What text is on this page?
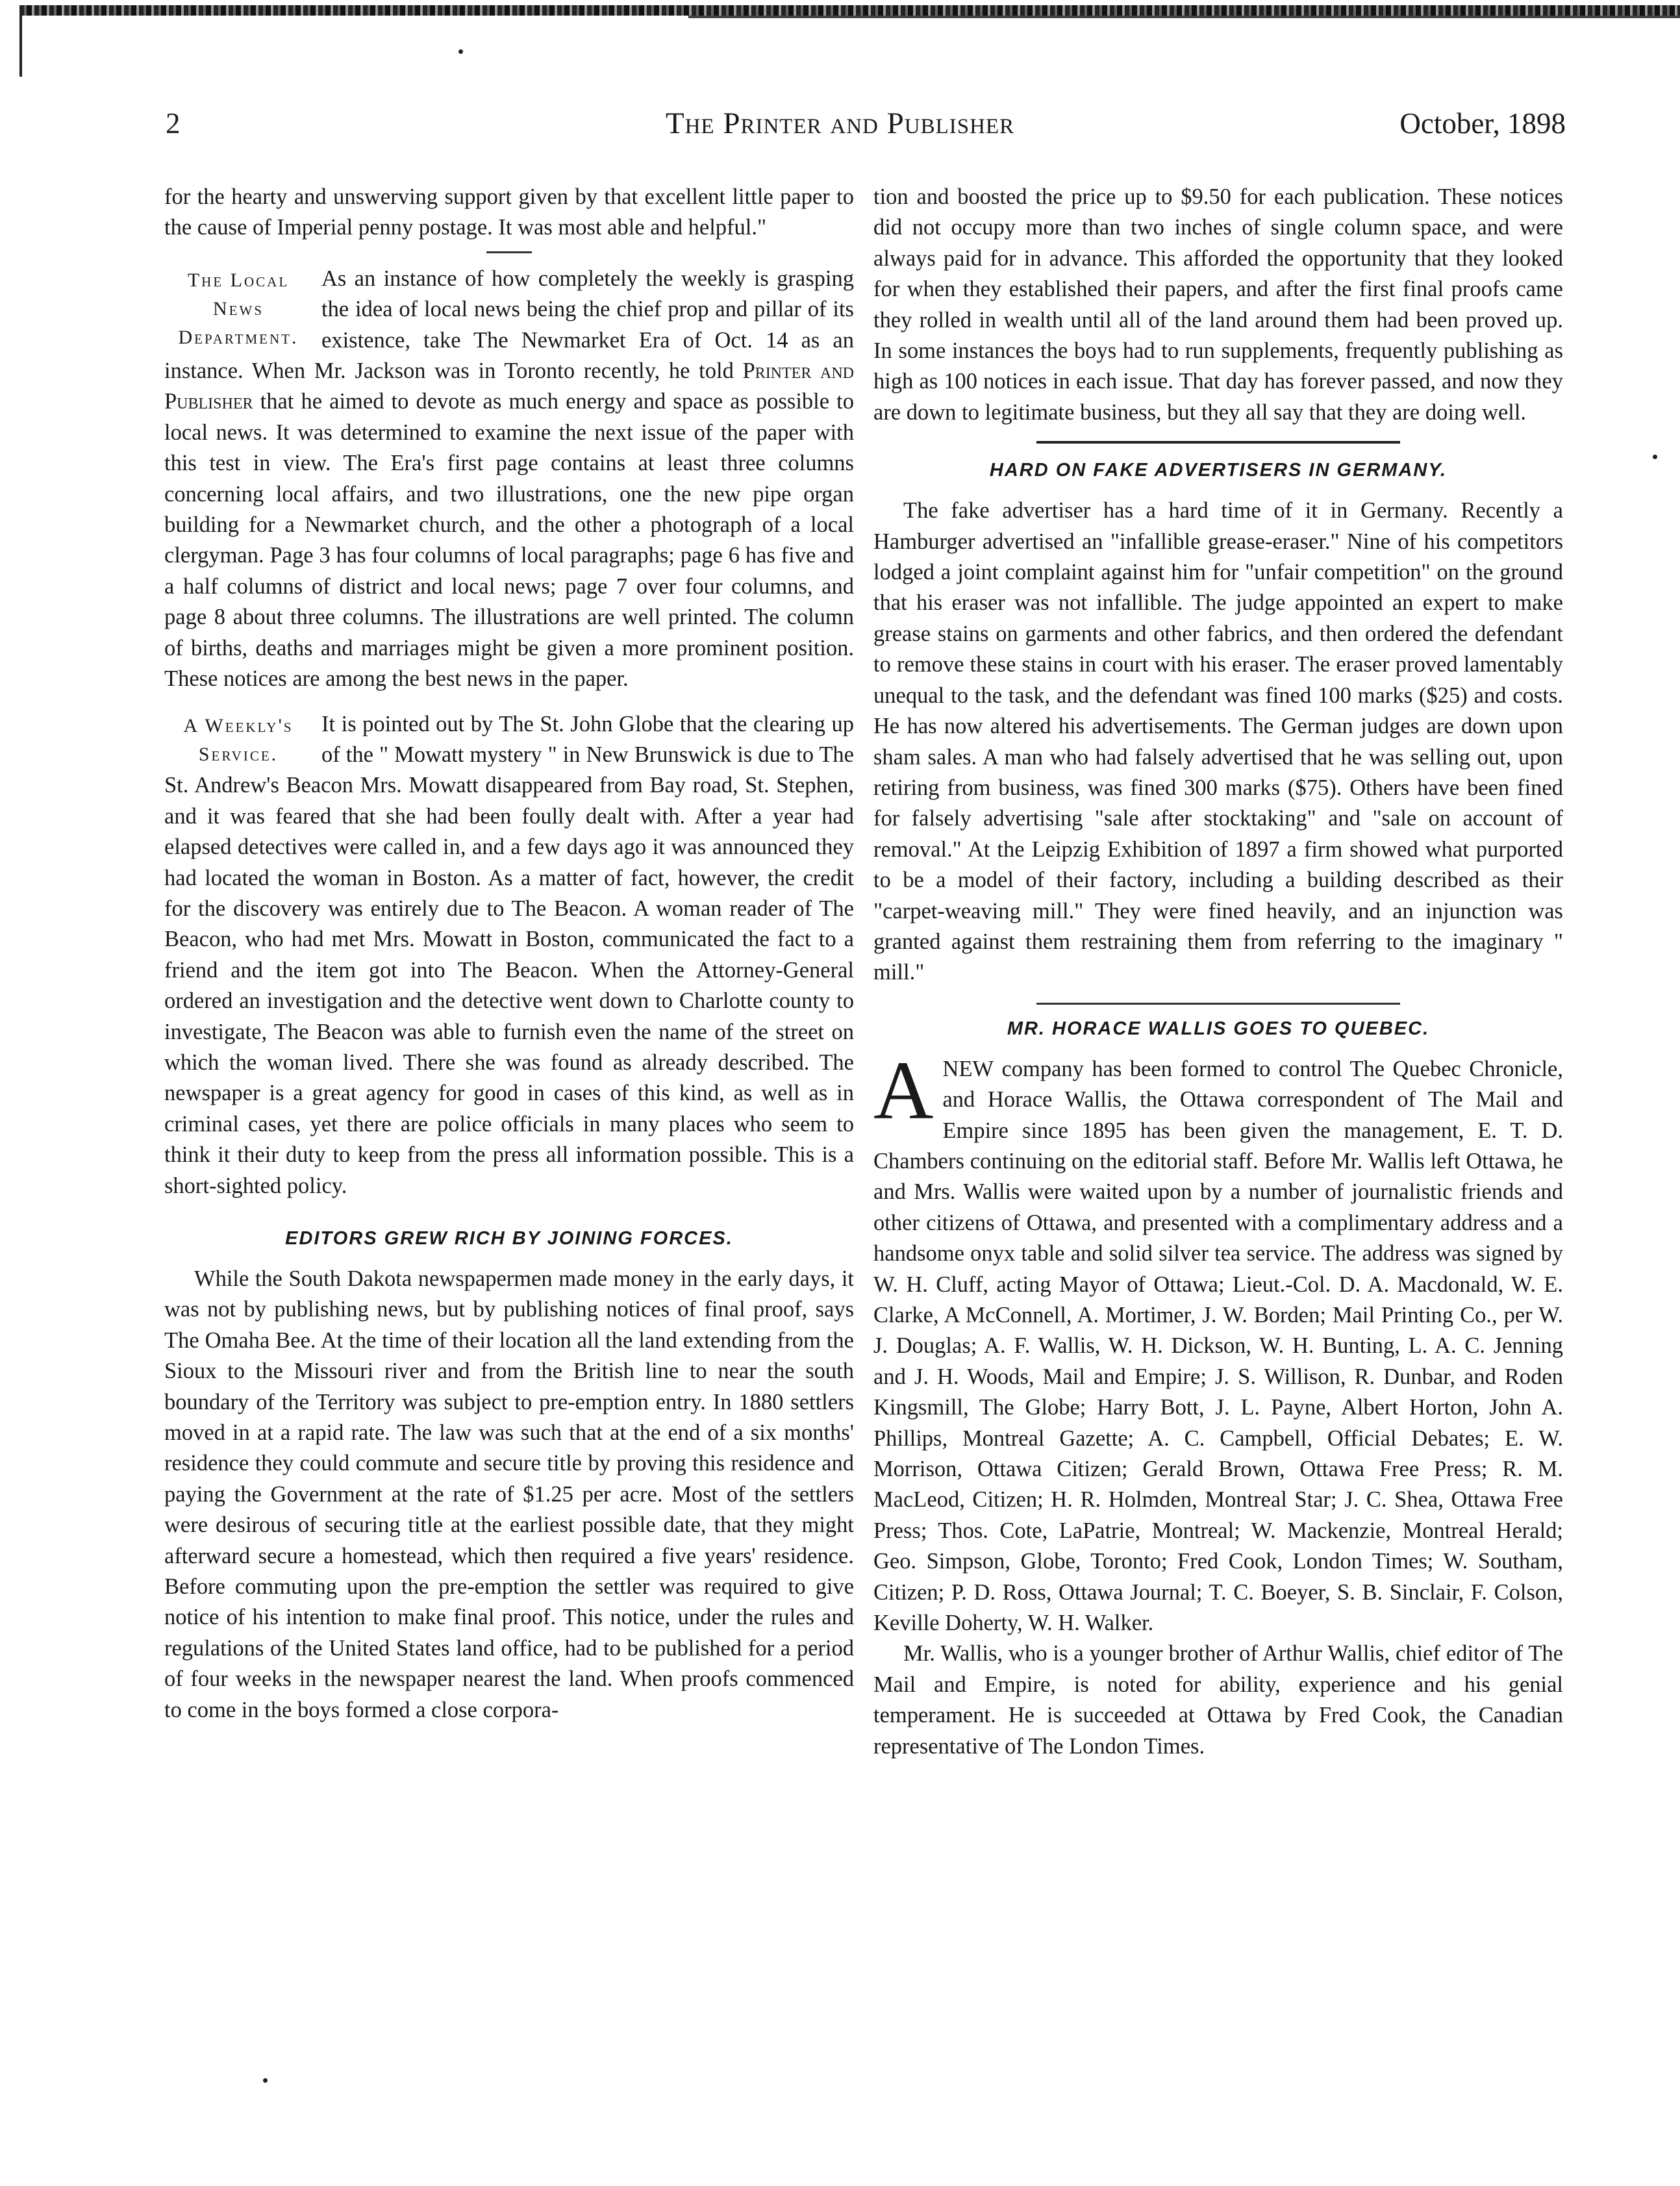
2	The Printer and Publisher	October, 1898

for the hearty and unswerving support given by that excellent little paper to the cause of Imperial penny postage. It was most able and helpful."

The Local News Department.

As an instance of how completely the weekly is grasping the idea of local news being the chief prop and pillar of its existence, take The Newmarket Era of Oct. 14 as an instance. When Mr. Jackson was in Toronto recently, he told Printer and Publisher that he aimed to devote as much energy and space as possible to local news. It was determined to examine the next issue of the paper with this test in view. The Era's first page contains at least three columns concerning local affairs, and two illustrations, one the new pipe organ building for a Newmarket church, and the other a photograph of a local clergyman. Page 3 has four columns of local paragraphs; page 6 has five and a half columns of district and local news; page 7 over four columns, and page 8 about three columns. The illustrations are well printed. The column of births, deaths and marriages might be given a more prominent position. These notices are among the best news in the paper.

A Weekly's Service.

It is pointed out by The St. John Globe that the clearing up of the " Mowatt mystery " in New Brunswick is due to The St. Andrew's Beacon Mrs. Mowatt disappeared from Bay road, St. Stephen, and it was feared that she had been foully dealt with. After a year had elapsed detectives were called in, and a few days ago it was announced they had located the woman in Boston. As a matter of fact, however, the credit for the discovery was entirely due to The Beacon. A woman reader of The Beacon, who had met Mrs. Mowatt in Boston, communicated the fact to a friend and the item got into The Beacon. When the Attorney-General ordered an investigation and the detective went down to Charlotte county to investigate, The Beacon was able to furnish even the name of the street on which the woman lived. There she was found as already described. The newspaper is a great agency for good in cases of this kind, as well as in criminal cases, yet there are police officials in many places who seem to think it their duty to keep from the press all information possible. This is a short-sighted policy.

EDITORS GREW RICH BY JOINING FORCES.

While the South Dakota newspapermen made money in the early days, it was not by publishing news, but by publishing notices of final proof, says The Omaha Bee. At the time of their location all the land extending from the Sioux to the Missouri river and from the British line to near the south boundary of the Territory was subject to pre-emption entry. In 1880 settlers moved in at a rapid rate. The law was such that at the end of a six months' residence they could commute and secure title by proving this residence and paying the Government at the rate of $1.25 per acre. Most of the settlers were desirous of securing title at the earliest possible date, that they might afterward secure a homestead, which then required a five years' residence. Before commuting upon the pre-emption the settler was required to give notice of his intention to make final proof. This notice, under the rules and regulations of the United States land office, had to be published for a period of four weeks in the newspaper nearest the land. When proofs commenced to come in the boys formed a close corpora-

tion and boosted the price up to $9.50 for each publication. These notices did not occupy more than two inches of single column space, and were always paid for in advance. This afforded the opportunity that they looked for when they established their papers, and after the first final proofs came they rolled in wealth until all of the land around them had been proved up. In some instances the boys had to run supplements, frequently publishing as high as 100 notices in each issue. That day has forever passed, and now they are down to legitimate business, but they all say that they are doing well.

HARD ON FAKE ADVERTISERS IN GERMANY.

The fake advertiser has a hard time of it in Germany. Recently a Hamburger advertised an "infallible grease-eraser." Nine of his competitors lodged a joint complaint against him for "unfair competition" on the ground that his eraser was not infallible. The judge appointed an expert to make grease stains on garments and other fabrics, and then ordered the defendant to remove these stains in court with his eraser. The eraser proved lamentably unequal to the task, and the defendant was fined 100 marks ($25) and costs. He has now altered his advertisements. The German judges are down upon sham sales. A man who had falsely advertised that he was selling out, upon retiring from business, was fined 300 marks ($75). Others have been fined for falsely advertising "sale after stocktaking" and "sale on account of removal." At the Leipzig Exhibition of 1897 a firm showed what purported to be a model of their factory, including a building described as their "carpet-weaving mill." They were fined heavily, and an injunction was granted against them restraining them from referring to the imaginary " mill."

MR. HORACE WALLIS GOES TO QUEBEC.

ANEW company has been formed to control The Quebec Chronicle, and Horace Wallis, the Ottawa correspondent of The Mail and Empire since 1895 has been given the management, E. T. D. Chambers continuing on the editorial staff. Before Mr. Wallis left Ottawa, he and Mrs. Wallis were waited upon by a number of journalistic friends and other citizens of Ottawa, and presented with a complimentary address and a handsome onyx table and solid silver tea service. The address was signed by W. H. Cluff, acting Mayor of Ottawa; Lieut.-Col. D. A. Macdonald, W. E. Clarke, A McConnell, A. Mortimer, J. W. Borden; Mail Printing Co., per W. J. Douglas; A. F. Wallis, W. H. Dickson, W. H. Bunting, L. A. C. Jenning and J. H. Woods, Mail and Empire; J. S. Willison, R. Dunbar, and Roden Kingsmill, The Globe; Harry Bott, J. L. Payne, Albert Horton, John A. Phillips, Montreal Gazette; A. C. Campbell, Official Debates; E. W. Morrison, Ottawa Citizen; Gerald Brown, Ottawa Free Press; R. M. MacLeod, Citizen; H. R. Holmden, Montreal Star; J. C. Shea, Ottawa Free Press; Thos. Cote, LaPatrie, Montreal; W. Mackenzie, Montreal Herald; Geo. Simpson, Globe, Toronto; Fred Cook, London Times; W. Southam, Citizen; P. D. Ross, Ottawa Journal; T. C. Boeyer, S. B. Sinclair, F. Colson, Keville Doherty, W. H. Walker.

Mr. Wallis, who is a younger brother of Arthur Wallis, chief editor of The Mail and Empire, is noted for ability, experience and his genial temperament. He is succeeded at Ottawa by Fred Cook, the Canadian representative of The London Times.
